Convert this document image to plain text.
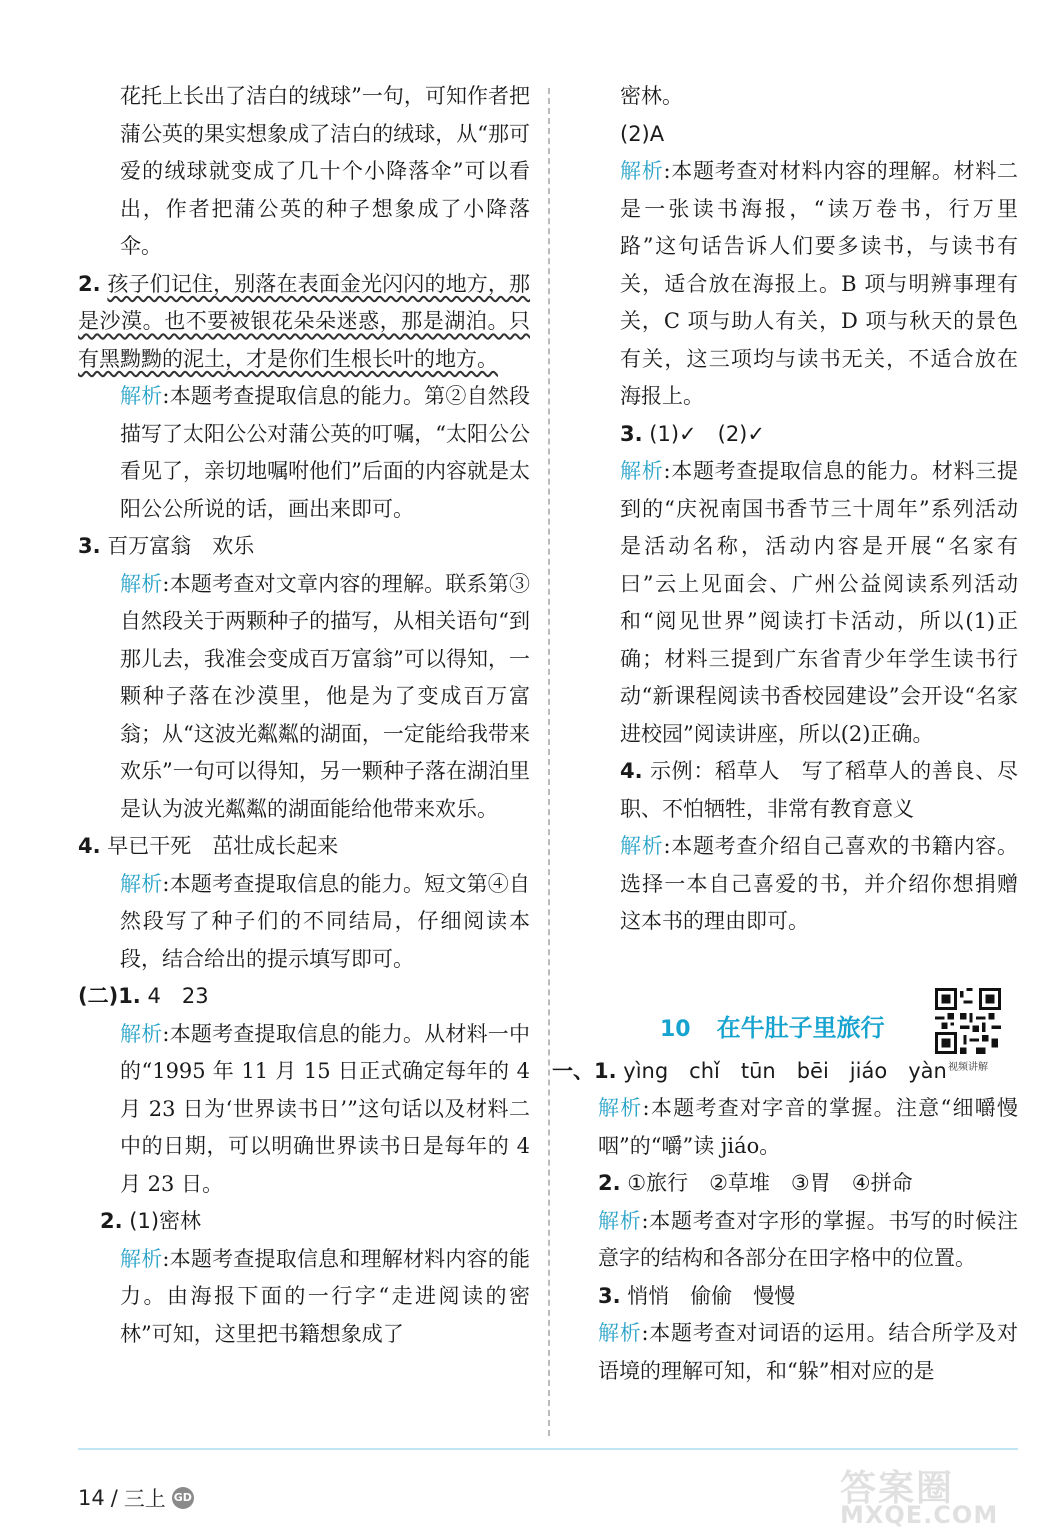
花托上长出了洁白的绒球”一句，可知作者把蒲公英的果实想象成了洁白的绒球，从“那可爱的绒球就变成了几十个小降落伞”可以看出，作者把蒲公英的种子想象成了小降落伞。

2. 孩子们记住，别落在表面金光闪闪的地方，那是沙漠。也不要被银花朵朵迷惑，那是湖泊。只有黑黝黝的泥土，才是你们生根长叶的地方。

解析:本题考查提取信息的能力。第②自然段描写了太阳公公对蒲公英的叮嘱，“太阳公公看见了，亲切地嘱咐他们”后面的内容就是太阳公公所说的话，画出来即可。

3. 百万富翁　欢乐

解析:本题考查对文章内容的理解。联系第③自然段关于两颗种子的描写，从相关语句“到那儿去，我准会变成百万富翁”可以得知，一颗种子落在沙漠里，他是为了变成百万富翁；从“这波光粼粼的湖面，一定能给我带来欢乐”一句可以得知，另一颗种子落在湖泊里是认为波光粼粼的湖面能给他带来欢乐。

4. 早已干死　茁壮成长起来

解析:本题考查提取信息的能力。短文第④自然段写了种子们的不同结局，仔细阅读本段，结合给出的提示填写即可。

(二)1. 4　23

解析:本题考查提取信息的能力。从材料一中的“1995 年 11 月 15 日正式确定每年的 4 月 23 日为‘世界读书日’”这句话以及材料二中的日期，可以明确世界读书日是每年的 4 月 23 日。

2. (1)密林

解析:本题考查提取信息和理解材料内容的能力。由海报下面的一行字“走进阅读的密林”可知，这里把书籍想象成了

密林。

(2)A

解析:本题考查对材料内容的理解。材料二是一张读书海报，“读万卷书，行万里路”这句话告诉人们要多读书，与读书有关，适合放在海报上。B 项与明辨事理有关，C 项与助人有关，D 项与秋天的景色有关，这三项均与读书无关，不适合放在海报上。

3. (1)✓　(2)✓

解析:本题考查提取信息的能力。材料三提到的“庆祝南国书香节三十周年”系列活动是活动名称，活动内容是开展“名家有曰”云上见面会、广州公益阅读系列活动和“阅见世界”阅读打卡活动，所以(1)正确；材料三提到广东省青少年学生读书行动“新课程阅读书香校园建设”会开设“名家进校园”阅读讲座，所以(2)正确。

4. 示例：稻草人　写了稻草人的善良、尽职、不怕牺牲，非常有教育意义

解析:本题考查介绍自己喜欢的书籍内容。选择一本自己喜爱的书，并介绍你想捐赠这本书的理由即可。

一、1. yìng　chǐ　tūn　bēi　jiáo　yàn

解析:本题考查对字音的掌握。注意“细嚼慢咽”的“嚼”读 jiáo。

2. ①旅行　②草堆　③胃　④拼命

解析:本题考查对字形的掌握。书写的时候注意字的结构和各部分在田字格中的位置。

3. 悄悄　偷偷　慢慢

解析:本题考查对词语的运用。结合所学及对语境的理解可知，和“躲”相对应的是

10 在牛肚子里旅行
视频讲解
14 / 三上 GD	答案圈
MXQE.COM
